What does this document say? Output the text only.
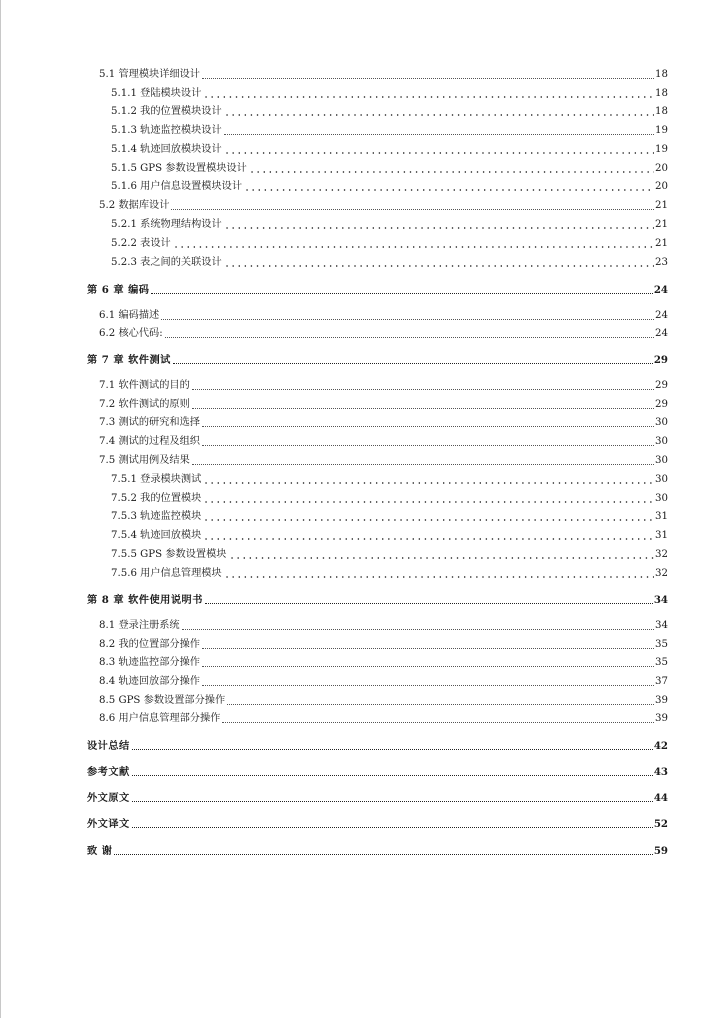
5.1 管理模块详细设计	18
5.1.1 登陆模块设计	18
5.1.2 我的位置模块设计	18
5.1.3 轨迹监控模块设计	19
5.1.4 轨迹回放模块设计	19
5.1.5 GPS 参数设置模块设计	20
5.1.6 用户信息设置模块设计	20
5.2 数据库设计	21
5.2.1 系统物理结构设计	21
5.2.2 表设计	21
5.2.3 表之间的关联设计	23
第 6 章 编码	24
6.1 编码描述	24
6.2 核心代码:	24
第 7 章 软件测试	29
7.1 软件测试的目的	29
7.2 软件测试的原则	29
7.3 测试的研究和选择	30
7.4 测试的过程及组织	30
7.5 测试用例及结果	30
7.5.1 登录模块测试	30
7.5.2 我的位置模块	30
7.5.3 轨迹监控模块	31
7.5.4 轨迹回放模块	31
7.5.5 GPS 参数设置模块	32
7.5.6 用户信息管理模块	32
第 8 章 软件使用说明书	34
8.1 登录注册系统	34
8.2 我的位置部分操作	35
8.3 轨迹监控部分操作	35
8.4 轨迹回放部分操作	37
8.5 GPS 参数设置部分操作	39
8.6 用户信息管理部分操作	39
设计总结	42
参考文献	43
外文原文	44
外文译文	52
致 谢	59
